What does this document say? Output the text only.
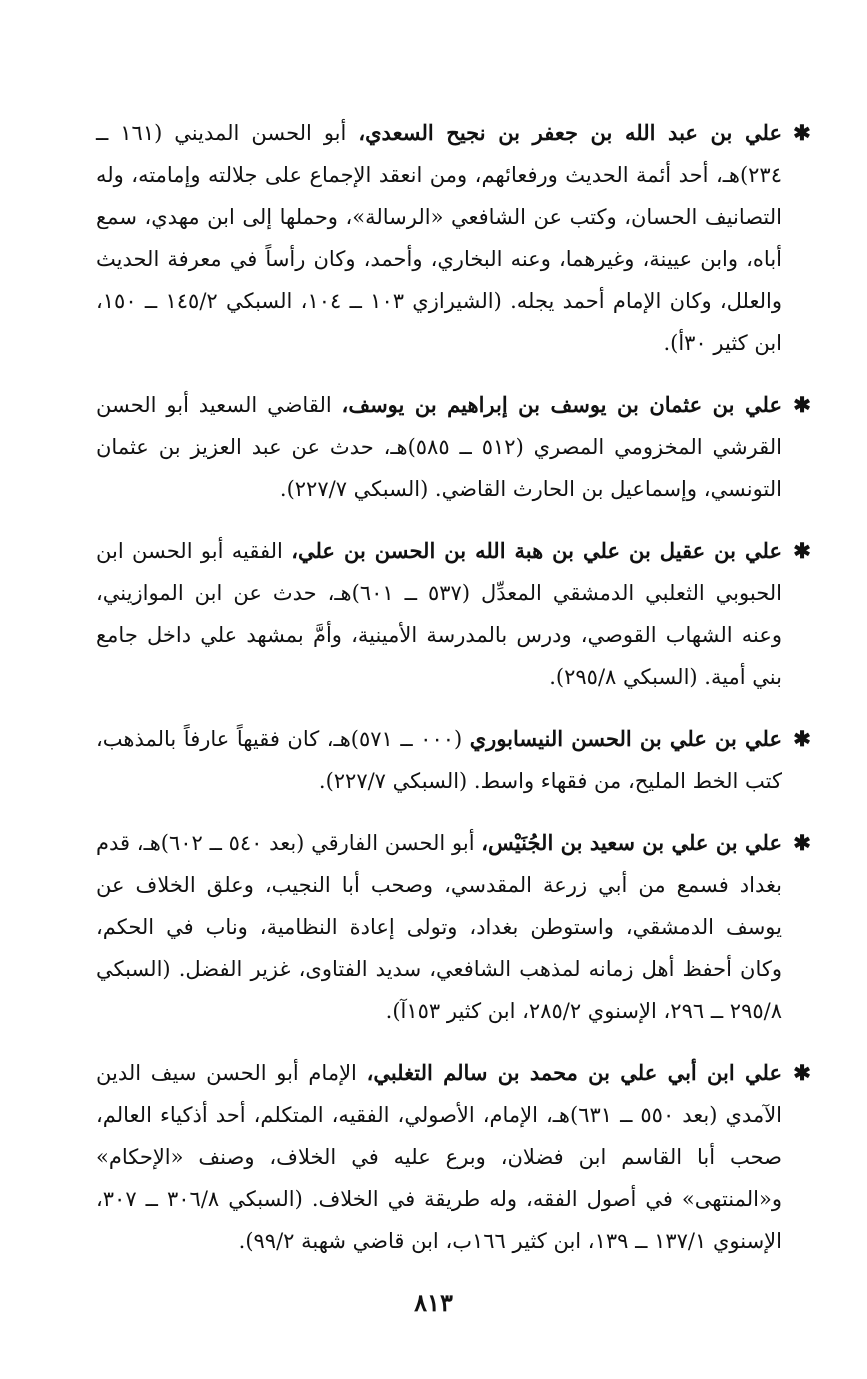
✱علي بن عبد الله بن جعفر بن نجيح السعدي، أبو الحسن المديني (١٦١ ــ ٢٣٤)هـ، أحد أئمة الحديث ورفعائهم، ومن انعقد الإجماع على جلالته وإمامته، وله التصانيف الحسان، وكتب عن الشافعي «الرسالة»، وحملها إلى ابن مهدي، سمع أباه، وابن عيينة، وغيرهما، وعنه البخاري، وأحمد، وكان رأساً في معرفة الحديث والعلل، وكان الإمام أحمد يجله. (الشيرازي ١٠٣ ــ ١٠٤، السبكي ١٤٥/٢ ــ ١٥٠، ابن كثير ٣٠أ).

✱علي بن عثمان بن يوسف بن إبراهيم بن يوسف، القاضي السعيد أبو الحسن القرشي المخزومي المصري (٥١٢ ــ ٥٨٥)هـ، حدث عن عبد العزيز بن عثمان التونسي، وإسماعيل بن الحارث القاضي. (السبكي ٢٢٧/٧).

✱علي بن عقيل بن علي بن هبة الله بن الحسن بن علي، الفقيه أبو الحسن ابن الحبوبي الثعلبي الدمشقي المعدِّل (٥٣٧ ــ ٦٠١)هـ، حدث عن ابن الموازيني، وعنه الشهاب القوصي، ودرس بالمدرسة الأمينية، وأمَّ بمشهد علي داخل جامع بني أمية. (السبكي ٢٩٥/٨).

✱علي بن علي بن الحسن النيسابوري (٠٠٠ ــ ٥٧١)هـ، كان فقيهاً عارفاً بالمذهب، كتب الخط المليح، من فقهاء واسط. (السبكي ٢٢٧/٧).

✱علي بن علي بن سعيد بن الجُنَيْس، أبو الحسن الفارقي (بعد ٥٤٠ ــ ٦٠٢)هـ، قدم بغداد فسمع من أبي زرعة المقدسي، وصحب أبا النجيب، وعلق الخلاف عن يوسف الدمشقي، واستوطن بغداد، وتولى إعادة النظامية، وناب في الحكم، وكان أحفظ أهل زمانه لمذهب الشافعي، سديد الفتاوى، غزير الفضل. (السبكي ٢٩٥/٨ ــ ٢٩٦، الإسنوي ٢٨٥/٢، ابن كثير ١٥٣آ).

✱علي ابن أبي علي بن محمد بن سالم التغلبي، الإمام أبو الحسن سيف الدين الآمدي (بعد ٥٥٠ ــ ٦٣١)هـ، الإمام، الأصولي، الفقيه، المتكلم، أحد أذكياء العالم، صحب أبا القاسم ابن فضلان، وبرع عليه في الخلاف، وصنف «الإحكام» و«المنتهى» في أصول الفقه، وله طريقة في الخلاف. (السبكي ٣٠٦/٨ ــ ٣٠٧، الإسنوي ١٣٧/١ ــ ١٣٩، ابن كثير ١٦٦ب، ابن قاضي شهبة ٩٩/٢).

٨١٣
